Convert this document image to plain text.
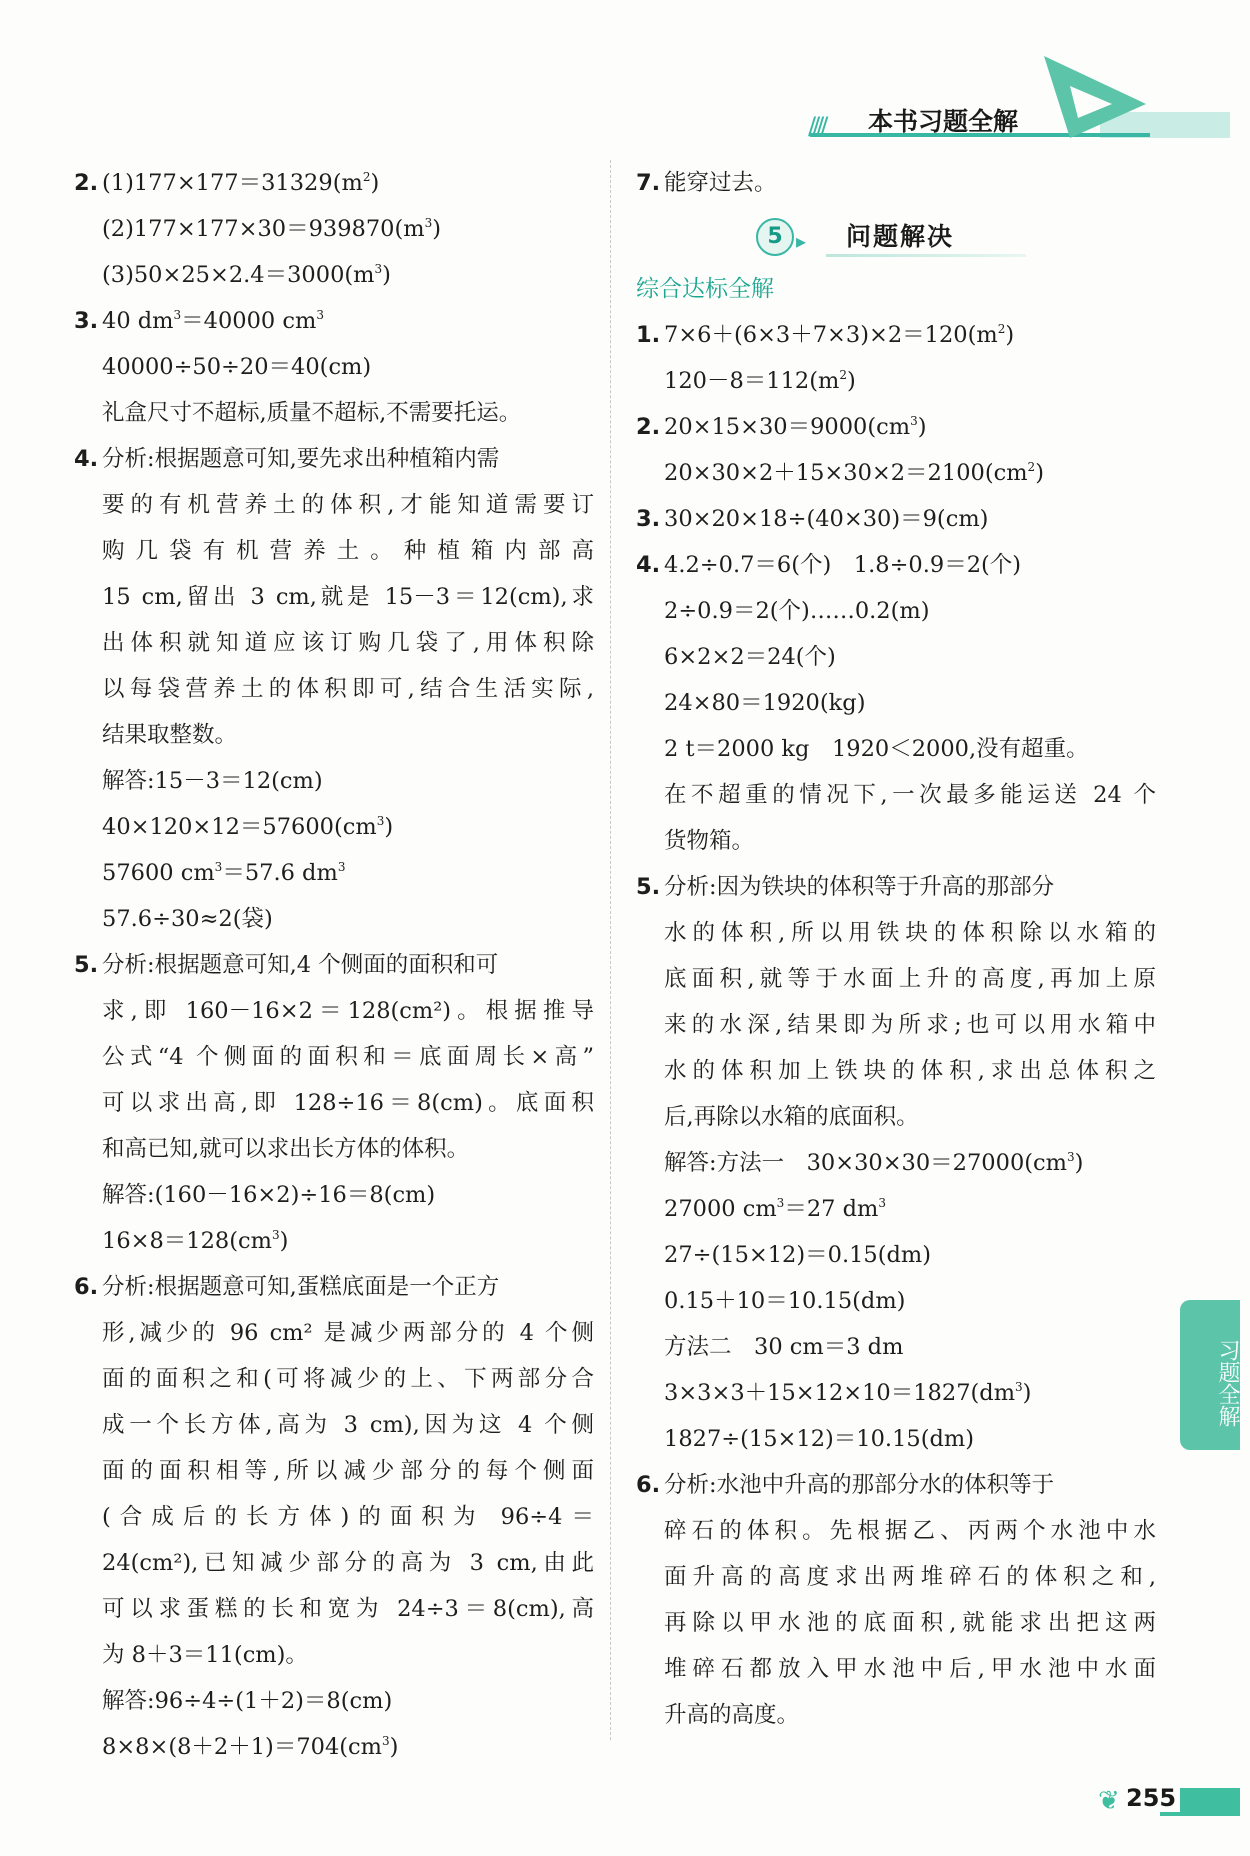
//// 本书习题全解
2. $(1)177\times 177=31329(m^2)$
$(2)177\times 177\times 30=939870(m^3)$
$(3)50\times 25\times 2.4=3000(m^3)$
3. 40 $dm^3=40000$ $cm^3$
40000÷50÷20＝40(cm)
礼盒尺寸不超标,质量不超标,不需要托运。
4. 分析:根据题意可知,要先求出种植箱内需
要的有机营养土的体积,才能知道需要订
购几袋有机营养土。种植箱内部高
15 cm,留出 3 cm,就是 15－3＝12(cm),求
出体积就知道应该订购几袋了,用体积除
以每袋营养土的体积即可,结合生活实际,
结果取整数。
解答:15－3＝12(cm)
$40\times 120\times 12=57600(cm^3)$
57600 $cm^3=57.6$ $dm^3$
57.6÷30≈2(袋)
5. 分析:根据题意可知,4 个侧面的面积和可
求,即 160－16×2＝128(cm²)。根据推导
公式“4 个侧面的面积和＝底面周长×高”
可以求出高,即 128÷16＝8(cm)。底面积
和高已知,就可以求出长方体的体积。
解答:(160－16×2)÷16＝8(cm)
$16\times 8=128(cm^3)$
6. 分析:根据题意可知,蛋糕底面是一个正方
形,减少的 96 cm² 是减少两部分的 4 个侧
面的面积之和(可将减少的上、下两部分合
成一个长方体,高为 3 cm),因为这 4 个侧
面的面积相等,所以减少部分的每个侧面
(合成后的长方体)的面积为 96÷4＝
24(cm²),已知减少部分的高为 3 cm,由此
可以求蛋糕的长和宽为 24÷3＝8(cm),高
为 8＋3＝11(cm)。
解答:96÷4÷(1＋2)＝8(cm)
$8\times 8\times(8+2+1)=704(cm^3)$
7. 能穿过去。
5 ▸ 问题解决
综合达标全解
1. $7\times 6+(6\times 3+7\times 3)\times 2=120(m^2)$
$120-8=112(m^2)$
2. $20\times 15\times 30=9000(cm^3)$
$20\times 30\times 2+15\times 30\times 2=2100(cm^2)$
3. 30×20×18÷(40×30)＝9(cm)
4. 4.2÷0.7＝6(个)　1.8÷0.9＝2(个)
2÷0.9＝2(个)……0.2(m)
6×2×2＝24(个)
24×80＝1920(kg)
2 t＝2000 kg　1920＜2000,没有超重。
在不超重的情况下,一次最多能运送 24 个
货物箱。
5. 分析:因为铁块的体积等于升高的那部分
水的体积,所以用铁块的体积除以水箱的
底面积,就等于水面上升的高度,再加上原
来的水深,结果即为所求;也可以用水箱中
水的体积加上铁块的体积,求出总体积之
后,再除以水箱的底面积。
解答:方法一　$30\times 30\times 30=27000(cm^3)$
27000 $cm^3=27$ $dm^3$
27÷(15×12)＝0.15(dm)
0.15＋10＝10.15(dm)
方法二　30 cm＝3 dm
$3\times 3\times 3+15\times 12\times 10=1827(dm^3)$
1827÷(15×12)＝10.15(dm)
6. 分析:水池中升高的那部分水的体积等于
碎石的体积。先根据乙、丙两个水池中水
面升高的高度求出两堆碎石的体积之和,
再除以甲水池的底面积,就能求出把这两
堆碎石都放入甲水池中后,甲水池中水面
升高的高度。
习题全解
❦ 255
